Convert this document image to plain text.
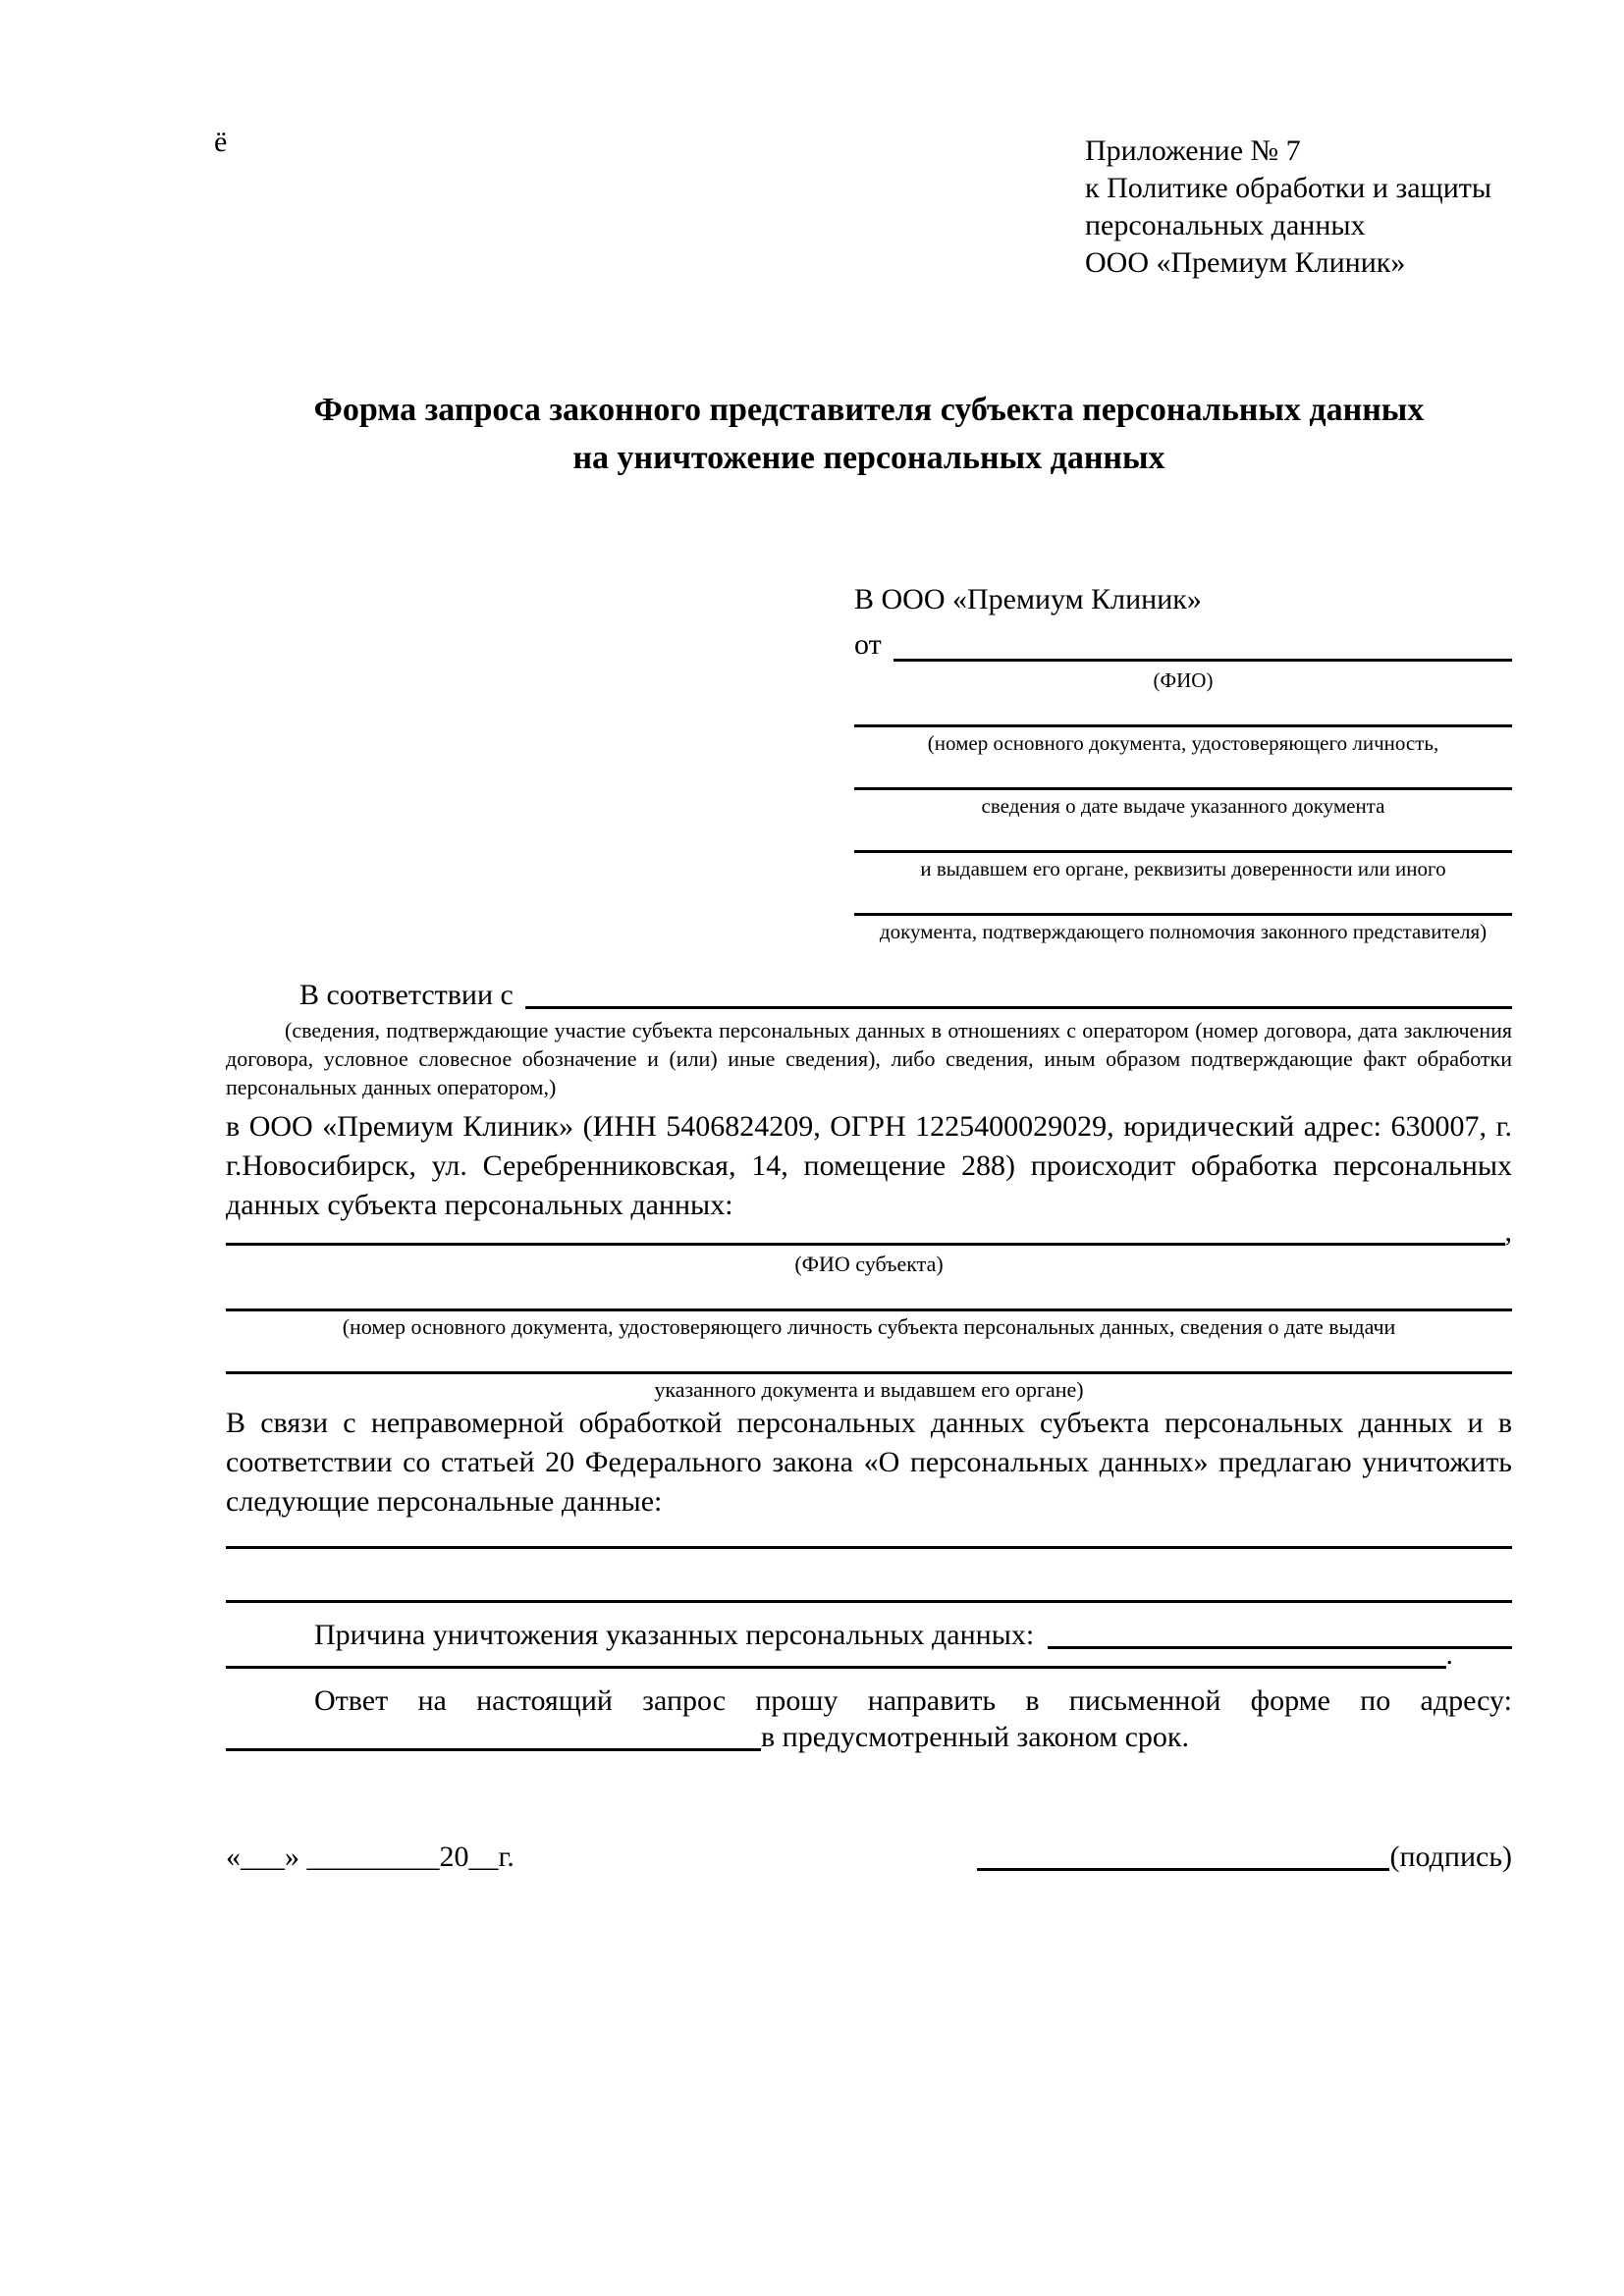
ё	Приложение № 7
к Политике обработки и защиты
персональных данных
ООО «Премиум Клиник»
Форма запроса законного представителя субъекта персональных данных
на уничтожение персональных данных
В ООО «Премиум Клиник»
от
(ФИО)
(номер основного документа, удостоверяющего личность,
сведения о дате выдаче указанного документа
и выдавшем его органе, реквизиты доверенности или иного
документа, подтверждающего полномочия законного представителя)
В соответствии с
(сведения, подтверждающие участие субъекта персональных данных в отношениях с оператором (номер договора, дата заключения договора, условное словесное обозначение и (или) иные сведения), либо сведения, иным образом подтверждающие факт обработки персональных данных оператором,)
в ООО «Премиум Клиник» (ИНН 5406824209, ОГРН 1225400029029, юридический адрес: 630007, г. г.Новосибирск, ул. Серебренниковская, 14, помещение 288) происходит обработка персональных данных субъекта персональных данных:
,
(ФИО субъекта)
(номер основного документа, удостоверяющего личность субъекта персональных данных, сведения о дате выдачи
указанного документа и выдавшем его органе)
В связи с неправомерной обработкой персональных данных субъекта персональных данных и в соответствии со статьей 20 Федерального закона «О персональных данных» предлагаю уничтожить следующие персональные данные:
Причина уничтожения указанных персональных данных:
.
Ответ на настоящий запрос прошу направить в письменной форме по адресу:
в предусмотренный законом срок.
«___» _________20__г.	(подпись)
